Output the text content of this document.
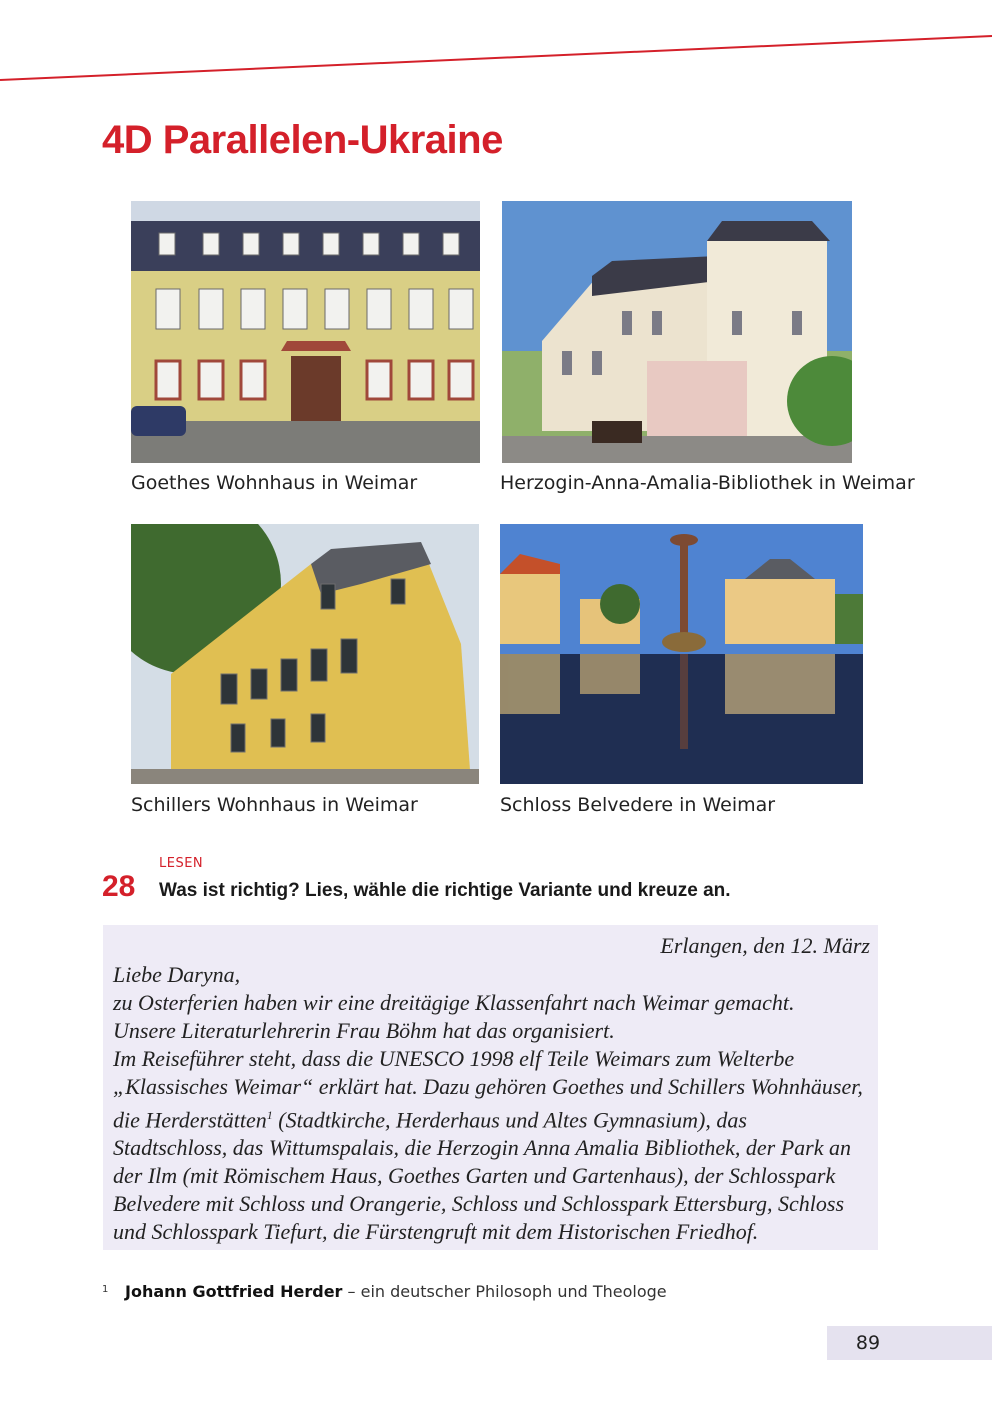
4D Parallelen-Ukraine
Goethes Wohnhaus in Weimar	Herzogin-Anna-Amalia-Bibliothek in Weimar
Schillers Wohnhaus in Weimar	Schloss Belvedere in Weimar
LESEN
28 Was ist richtig? Lies, wähle die richtige Variante und kreuze an.
Erlangen, den 12. März

Liebe Daryna,

zu Osterferien haben wir eine dreitägige Klassenfahrt nach Weimar gemacht.

Unsere Literaturlehrerin Frau Böhm hat das organisiert.

Im Reiseführer steht, dass die UNESCO 1998 elf Teile Weimars zum Welterbe

„Klassisches Weimar“ erklärt hat. Dazu gehören Goethes und Schillers Wohnhäuser,

die Herderstätten$^1$ (Stadtkirche, Herderhaus und Altes Gymnasium), das

Stadtschloss, das Wittumspalais, die Herzogin Anna Amalia Bibliothek, der Park an

der Ilm (mit Römischem Haus, Goethes Garten und Gartenhaus), der Schlosspark

Belvedere mit Schloss und Orangerie, Schloss und Schlosspark Ettersburg, Schloss

und Schlosspark Tiefurt, die Fürstengruft mit dem Historischen Friedhof.

1 Johann Gottfried Herder – ein deutscher Philosoph und Theologe
89
